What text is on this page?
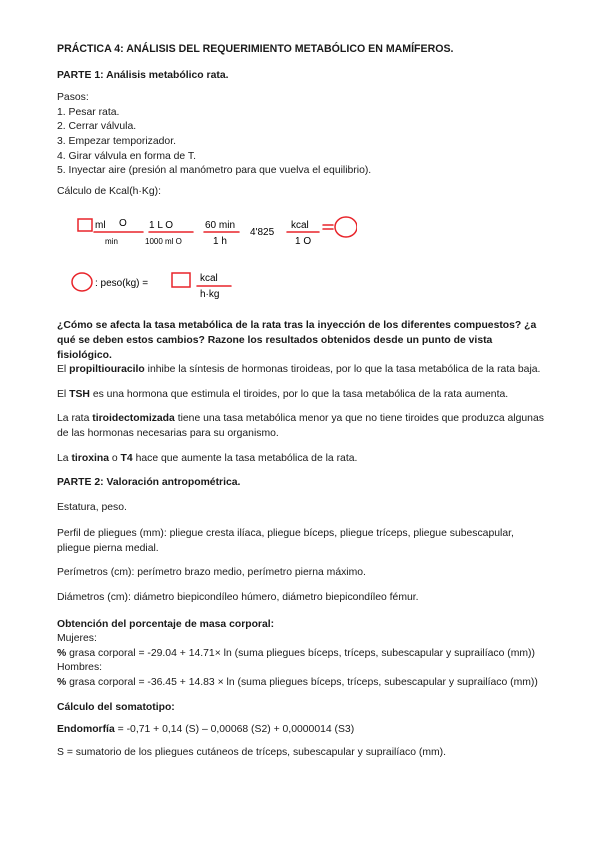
PRÁCTICA 4: ANÁLISIS DEL REQUERIMIENTO METABÓLICO EN MAMÍFEROS.

PARTE 1: Análisis metabólico rata.

Pasos:

1. Pesar rata.

2. Cerrar válvula.

3. Empezar temporizador.

4. Girar válvula en forma de T.

5. Inyectar aire (presión al manómetro para que vuelva el equilibrio).

Cálculo de Kcal(h·Kg):

ml O
min
1 L O
1000 ml O
60 min
1 h
4'825
kcal
1 O
: peso(kg) =	kcal
h·kg

¿Cómo se afecta la tasa metabólica de la rata tras la inyección de los diferentes compuestos? ¿a qué se deben estos cambios? Razone los resultados obtenidos desde un punto de vista fisiológico.

El propiltiouracilo inhibe la síntesis de hormonas tiroideas, por lo que la tasa metabólica de la rata baja.

El TSH es una hormona que estimula el tiroides, por lo que la tasa metabólica de la rata aumenta.

La rata tiroidectomizada tiene una tasa metabólica menor ya que no tiene tiroides que produzca algunas de las hormonas necesarias para su organismo.

La tiroxina o T4 hace que aumente la tasa metabólica de la rata.

PARTE 2: Valoración antropométrica.

Estatura, peso.

Perfil de pliegues (mm): pliegue cresta ilíaca, pliegue bíceps, pliegue tríceps, pliegue subescapular, pliegue pierna medial.

Perímetros (cm): perímetro brazo medio, perímetro pierna máximo.

Diámetros (cm): diámetro biepicondíleo húmero, diámetro biepicondíleo fémur.

Obtención del porcentaje de masa corporal:

Mujeres:

% grasa corporal = -29.04 + 14.71× ln (suma pliegues bíceps, tríceps, subescapular y suprailíaco (mm))

Hombres:

% grasa corporal = -36.45 + 14.83 × ln (suma pliegues bíceps, tríceps, subescapular y suprailíaco (mm))

Cálculo del somatotipo:

Endomorfía = -0,71 + 0,14 (S) – 0,00068 (S2) + 0,0000014 (S3)

S = sumatorio de los pliegues cutáneos de tríceps, subescapular y suprailíaco (mm).
